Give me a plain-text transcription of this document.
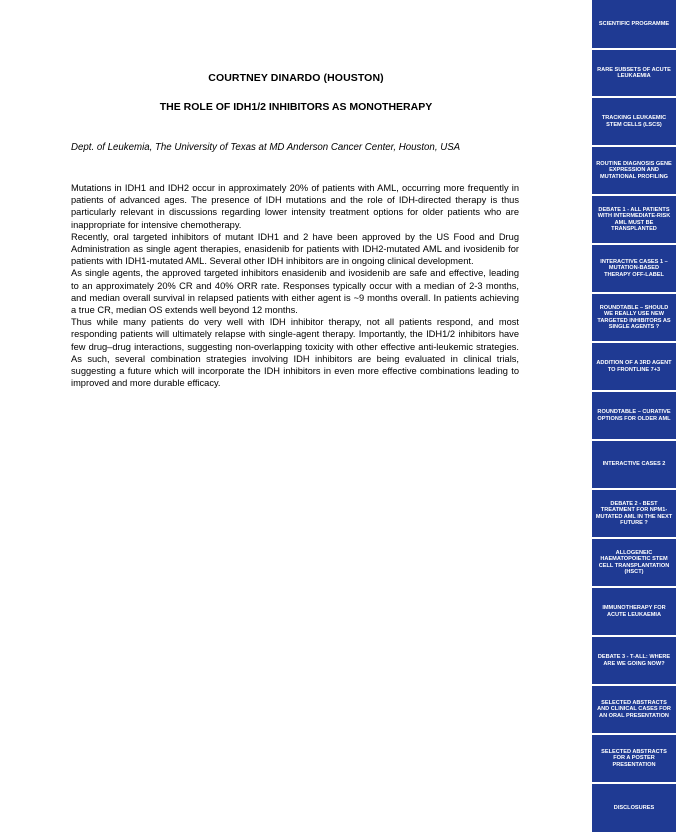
COURTNEY DINARDO (HOUSTON)
THE ROLE OF IDH1/2 INHIBITORS AS MONOTHERAPY
Dept. of Leukemia, The University of Texas at MD Anderson Cancer Center, Houston, USA

Mutations in IDH1 and IDH2 occur in approximately 20% of patients with AML, occurring more frequently in patients of advanced ages. The presence of IDH mutations and the role of IDH-directed therapy is thus particularly relevant in discussions regarding lower intensity treatment options for older patients who are inappropriate for intensive chemotherapy.

Recently, oral targeted inhibitors of mutant IDH1 and 2 have been approved by the US Food and Drug Administration as single agent therapies, enasidenib for patients with IDH2-mutated AML and ivosidenib for patients with IDH1-mutated AML. Several other IDH inhibitors are in ongoing clinical development.

As single agents, the approved targeted inhibitors enasidenib and ivosidenib are safe and effective, leading to an approximately 20% CR and 40% ORR rate. Responses typically occur with a median of 2-3 months, and median overall survival in relapsed patients with either agent is ~9 months overall. In patients achieving a true CR, median OS extends well beyond 12 months.

Thus while many patients do very well with IDH inhibitor therapy, not all patients respond, and most responding patients will ultimately relapse with single-agent therapy. Importantly, the IDH1/2 inhibitors have few drug–drug interactions, suggesting non-overlapping toxicity with other effective anti-leukemic strategies. As such, several combination strategies involving IDH inhibitors are being evaluated in clinical trials, suggesting a future which will incorporate the IDH inhibitors in even more effective combinations leading to improved and more durable efficacy.

SCIENTIFIC PROGRAMME
RARE SUBSETS OF ACUTE LEUKAEMIA
TRACKING LEUKAEMIC STEM CELLS (LSCS)
ROUTINE DIAGNOSIS GENE EXPRESSION AND MUTATIONAL PROFILING
DEBATE 1 - ALL PATIENTS WITH INTERMEDIATE-RISK AML MUST BE TRANSPLANTED
INTERACTIVE CASES 1 – MUTATION-BASED THERAPY OFF-LABEL
ROUNDTABLE – SHOULD WE REALLY USE NEW TARGETED INHIBITORS AS SINGLE AGENTS ?
ADDITION OF A 3RD AGENT TO FRONTLINE 7+3
ROUNDTABLE – CURATIVE OPTIONS FOR OLDER AML
INTERACTIVE CASES 2
DEBATE 2 - BEST TREATMENT FOR NPM1-MUTATED AML IN THE NEXT FUTURE ?
ALLOGENEIC HAEMATOPOIETIC STEM CELL TRANSPLANTATION (HSCT)
IMMUNOTHERAPY FOR ACUTE LEUKAEMIA
DEBATE 3 - T-ALL: WHERE ARE WE GOING NOW?
SELECTED ABSTRACTS AND CLINICAL CASES FOR AN ORAL PRESENTATION
SELECTED ABSTRACTS FOR A POSTER PRESENTATION
DISCLOSURES
